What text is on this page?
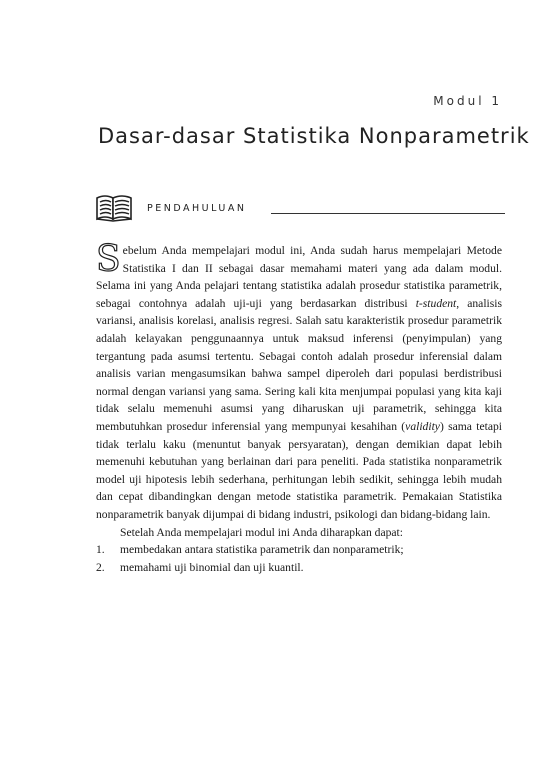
Modul 1
Dasar-dasar Statistika Nonparametrik
PENDAHULUAN

Sebelum Anda mempelajari modul ini, Anda sudah harus mempelajari Metode Statistika I dan II sebagai dasar memahami materi yang ada dalam modul. Selama ini yang Anda pelajari tentang statistika adalah prosedur statistika parametrik, sebagai contohnya adalah uji-uji yang berdasarkan distribusi t-student, analisis variansi, analisis korelasi, analisis regresi. Salah satu karakteristik prosedur parametrik adalah kelayakan penggunaannya untuk maksud inferensi (penyimpulan) yang tergantung pada asumsi tertentu. Sebagai contoh adalah prosedur inferensial dalam analisis varian mengasumsikan bahwa sampel diperoleh dari populasi berdistribusi normal dengan variansi yang sama. Sering kali kita menjumpai populasi yang kita kaji tidak selalu memenuhi asumsi yang diharuskan uji parametrik, sehingga kita membutuhkan prosedur inferensial yang mempunyai kesahihan (validity) sama tetapi tidak terlalu kaku (menuntut banyak persyaratan), dengan demikian dapat lebih memenuhi kebutuhan yang berlainan dari para peneliti. Pada statistika nonparametrik model uji hipotesis lebih sederhana, perhitungan lebih sedikit, sehingga lebih mudah dan cepat dibandingkan dengan metode statistika parametrik. Pemakaian Statistika nonparametrik banyak dijumpai di bidang industri, psikologi dan bidang-bidang lain.

Setelah Anda mempelajari modul ini Anda diharapkan dapat:

1. membedakan antara statistika parametrik dan nonparametrik;
2. memahami uji binomial dan uji kuantil.
